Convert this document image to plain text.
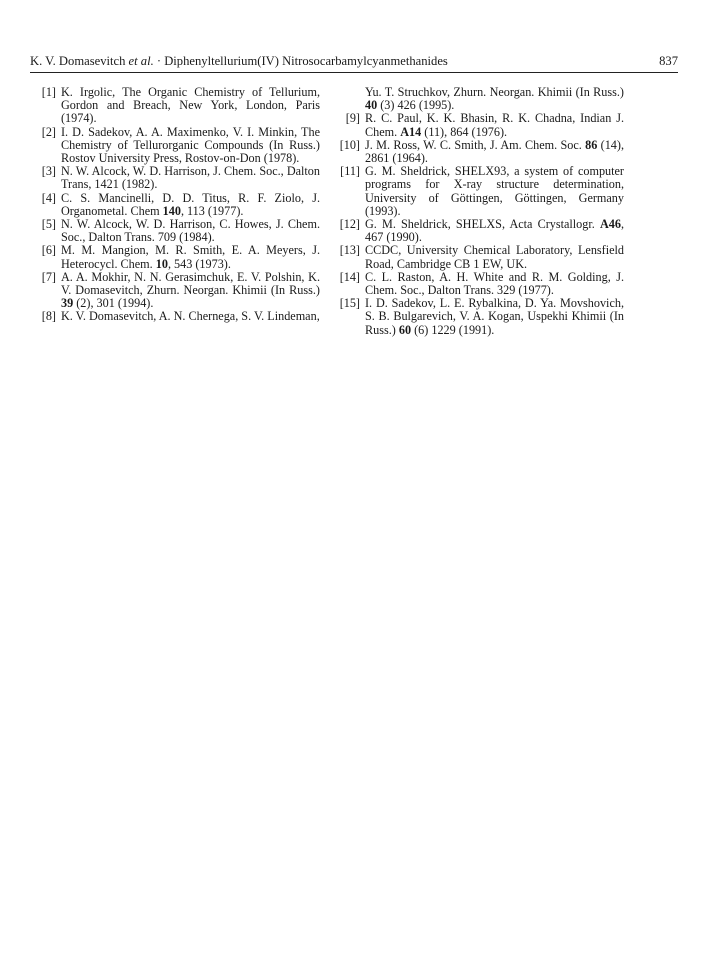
K. V. Domasevitch et al. · Diphenyltellurium(IV) Nitrosocarbamylcyanmethanides	837
[1] K. Irgolic, The Organic Chemistry of Tellurium, Gordon and Breach, New York, London, Paris (1974).
[2] I. D. Sadekov, A. A. Maximenko, V. I. Minkin, The Chemistry of Tellurorganic Compounds (In Russ.) Rostov University Press, Rostov-on-Don (1978).
[3] N. W. Alcock, W. D. Harrison, J. Chem. Soc., Dalton Trans, 1421 (1982).
[4] C. S. Mancinelli, D. D. Titus, R. F. Ziolo, J. Organometal. Chem 140, 113 (1977).
[5] N. W. Alcock, W. D. Harrison, C. Howes, J. Chem. Soc., Dalton Trans. 709 (1984).
[6] M. M. Mangion, M. R. Smith, E. A. Meyers, J. Heterocycl. Chem. 10, 543 (1973).
[7] A. A. Mokhir, N. N. Gerasimchuk, E. V. Polshin, K. V. Domasevitch, Zhurn. Neorgan. Khimii (In Russ.) 39 (2), 301 (1994).
[8] K. V. Domasevitch, A. N. Chernega, S. V. Lindeman,
Yu. T. Struchkov, Zhurn. Neorgan. Khimii (In Russ.) 40 (3) 426 (1995).
[9] R. C. Paul, K. K. Bhasin, R. K. Chadna, Indian J. Chem. A14 (11), 864 (1976).
[10] J. M. Ross, W. C. Smith, J. Am. Chem. Soc. 86 (14), 2861 (1964).
[11] G. M. Sheldrick, SHELX93, a system of computer programs for X-ray structure determination, University of Göttingen, Göttingen, Germany (1993).
[12] G. M. Sheldrick, SHELXS, Acta Crystallogr. A46, 467 (1990).
[13] CCDC, University Chemical Laboratory, Lensfield Road, Cambridge CB 1 EW, UK.
[14] C. L. Raston, A. H. White and R. M. Golding, J. Chem. Soc., Dalton Trans. 329 (1977).
[15] I. D. Sadekov, L. E. Rybalkina, D. Ya. Movshovich, S. B. Bulgarevich, V. A. Kogan, Uspekhi Khimii (In Russ.) 60 (6) 1229 (1991).
